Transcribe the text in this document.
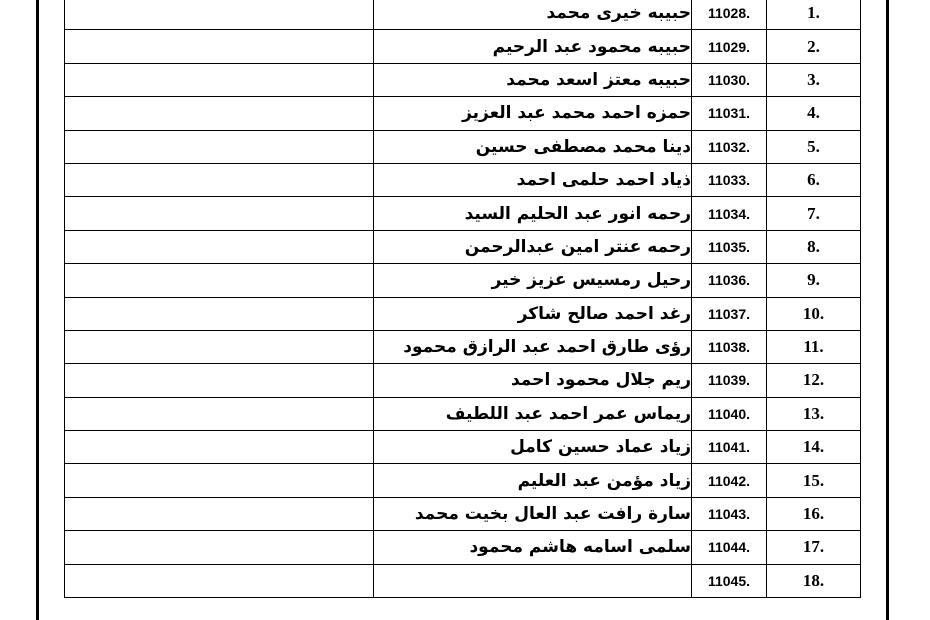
	حبيبه خيرى محمد	11028.	1.
	حبيبه محمود عبد الرحيم	11029.	2.
	حبيبه معتز اسعد محمد	11030.	3.
	حمزه احمد محمد عبد العزيز	11031.	4.
	دينا محمد مصطفى حسين	11032.	5.
	ذياد احمد حلمى احمد	11033.	6.
	رحمه انور عبد الحليم السيد	11034.	7.
	رحمه عنتر امين عبدالرحمن	11035.	8.
	رحيل رمسيس عزيز خير	11036.	9.
	رغد احمد صالح شاكر	11037.	10.
	رؤى طارق احمد عبد الرازق محمود	11038.	11.
	ريم جلال محمود احمد	11039.	12.
	ريماس عمر احمد عبد اللطيف	11040.	13.
	زياد عماد حسين كامل	11041.	14.
	زياد مؤمن عبد العليم	11042.	15.
	سارة رافت عبد العال بخيت محمد	11043.	16.
	سلمى اسامه هاشم محمود	11044.	17.
		11045.	18.
